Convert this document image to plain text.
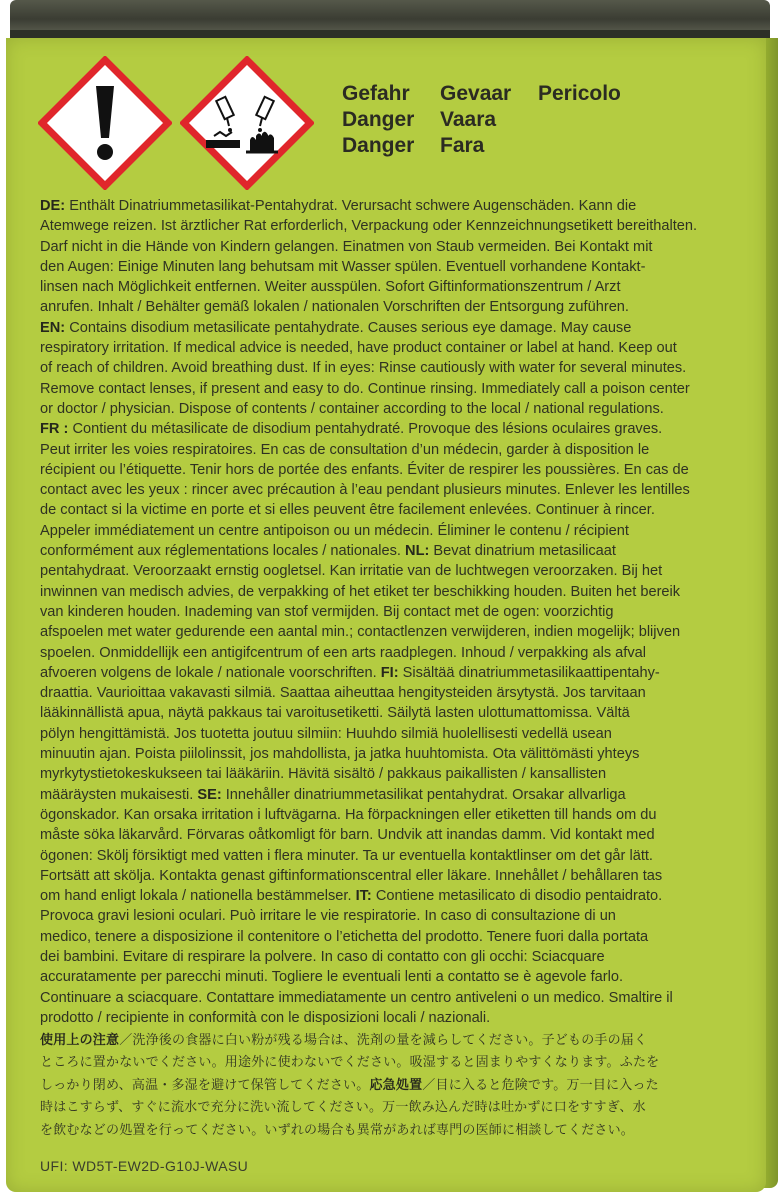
Gefahr Gevaar Pericolo
Danger Vaara
Danger Fara

DE: Enthält Dinatriummetasilikat-Pentahydrat. Verursacht schwere Augenschäden. Kann die

Atemwege reizen. Ist ärztlicher Rat erforderlich, Verpackung oder Kennzeichnungsetikett bereithalten.

Darf nicht in die Hände von Kindern gelangen. Einatmen von Staub vermeiden. Bei Kontakt mit

den Augen: Einige Minuten lang behutsam mit Wasser spülen. Eventuell vorhandene Kontakt-

linsen nach Möglichkeit entfernen. Weiter ausspülen. Sofort Giftinformationszentrum / Arzt

anrufen. Inhalt / Behälter gemäß lokalen / nationalen Vorschriften der Entsorgung zuführen.

EN: Contains disodium metasilicate pentahydrate. Causes serious eye damage. May cause

respiratory irritation. If medical advice is needed, have product container or label at hand. Keep out

of reach of children. Avoid breathing dust. If in eyes: Rinse cautiously with water for several minutes.

Remove contact lenses, if present and easy to do. Continue rinsing. Immediately call a poison center

or doctor / physician. Dispose of contents / container according to the local / national regulations.

FR : Contient du métasilicate de disodium pentahydraté. Provoque des lésions oculaires graves.

Peut irriter les voies respiratoires. En cas de consultation d’un médecin, garder à disposition le

récipient ou l’étiquette. Tenir hors de portée des enfants. Éviter de respirer les poussières. En cas de

contact avec les yeux : rincer avec précaution à l’eau pendant plusieurs minutes. Enlever les lentilles

de contact si la victime en porte et si elles peuvent être facilement enlevées. Continuer à rincer.

Appeler immédiatement un centre antipoison ou un médecin. Éliminer le contenu / récipient

conformément aux réglementations locales / nationales. NL: Bevat dinatrium metasilicaat

pentahydraat. Veroorzaakt ernstig oogletsel. Kan irritatie van de luchtwegen veroorzaken. Bij het

inwinnen van medisch advies, de verpakking of het etiket ter beschikking houden. Buiten het bereik

van kinderen houden. Inademing van stof vermijden. Bij contact met de ogen: voorzichtig

afspoelen met water gedurende een aantal min.; contactlenzen verwijderen, indien mogelijk; blijven

spoelen. Onmiddellijk een antigifcentrum of een arts raadplegen. Inhoud / verpakking als afval

afvoeren volgens de lokale / nationale voorschriften. FI: Sisältää dinatriummetasilikaattipentahy-

draattia. Vaurioittaa vakavasti silmiä. Saattaa aiheuttaa hengitysteiden ärsytystä. Jos tarvitaan

lääkinnällistä apua, näytä pakkaus tai varoitusetiketti. Säilytä lasten ulottumattomissa. Vältä

pölyn hengittämistä. Jos tuotetta joutuu silmiin: Huuhdo silmiä huolellisesti vedellä usean

minuutin ajan. Poista piilolinssit, jos mahdollista, ja jatka huuhtomista. Ota välittömästi yhteys

myrkytystietokeskukseen tai lääkäriin. Hävitä sisältö / pakkaus paikallisten / kansallisten

määräysten mukaisesti. SE: Innehåller dinatriummetasilikat pentahydrat. Orsakar allvarliga

ögonskador. Kan orsaka irritation i luftvägarna. Ha förpackningen eller etiketten till hands om du

måste söka läkarvård. Förvaras oåtkomligt för barn. Undvik att inandas damm. Vid kontakt med

ögonen: Skölj försiktigt med vatten i flera minuter. Ta ur eventuella kontaktlinser om det går lätt.

Fortsätt att skölja. Kontakta genast giftinformationscentral eller läkare. Innehållet / behållaren tas

om hand enligt lokala / nationella bestämmelser. IT: Contiene metasilicato di disodio pentaidrato.

Provoca gravi lesioni oculari. Può irritare le vie respiratorie. In caso di consultazione di un

medico, tenere a disposizione il contenitore o l’etichetta del prodotto. Tenere fuori dalla portata

dei bambini. Evitare di respirare la polvere. In caso di contatto con gli occhi: Sciacquare

accuratamente per parecchi minuti. Togliere le eventuali lenti a contatto se è agevole farlo.

Continuare a sciacquare. Contattare immediatamente un centro antiveleni o un medico. Smaltire il

prodotto / recipiente in conformità con le disposizioni locali / nazionali.

使用上の注意／洗浄後の食器に白い粉が残る場合は、洗剤の量を減らしてください。子どもの手の届く

ところに置かないでください。用途外に使わないでください。吸湿すると固まりやすくなります。ふたを

しっかり閉め、高温・多湿を避けて保管してください。応急処置／目に入ると危険です。万一目に入った

時はこすらず、すぐに流水で充分に洗い流してください。万一飲み込んだ時は吐かずに口をすすぎ、水

を飲むなどの処置を行ってください。いずれの場合も異常があれば専門の医師に相談してください。

UFI: WD5T-EW2D-G10J-WASU
